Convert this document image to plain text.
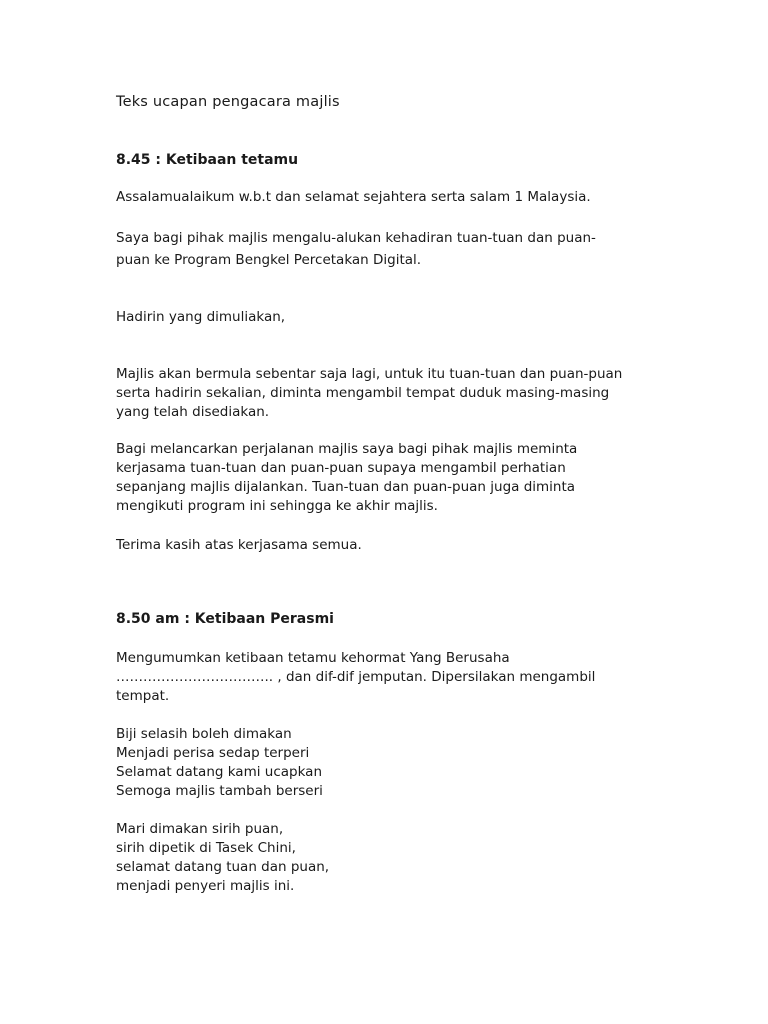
Teks ucapan pengacara majlis
8.45 : Ketibaan tetamu

Assalamualaikum w.b.t dan selamat sejahtera serta salam 1 Malaysia.

Saya bagi pihak majlis mengalu-alukan kehadiran tuan-tuan dan puan-
puan ke Program Bengkel Percetakan Digital.

Hadirin yang dimuliakan,

Majlis akan bermula sebentar saja lagi, untuk itu tuan-tuan dan puan-puan
serta hadirin sekalian, diminta mengambil tempat duduk masing-masing
yang telah disediakan.

Bagi melancarkan perjalanan majlis saya bagi pihak majlis meminta
kerjasama tuan-tuan dan puan-puan supaya mengambil perhatian
sepanjang majlis dijalankan. Tuan-tuan dan puan-puan juga diminta
mengikuti program ini sehingga ke akhir majlis.

Terima kasih atas kerjasama semua.

8.50 am : Ketibaan Perasmi

Mengumumkan ketibaan tetamu kehormat Yang Berusaha
…………………………….. , dan dif-dif jemputan. Dipersilakan mengambil
tempat.

Biji selasih boleh dimakan
Menjadi perisa sedap terperi
Selamat datang kami ucapkan
Semoga majlis tambah berseri

Mari dimakan sirih puan,
sirih dipetik di Tasek Chini,
selamat datang tuan dan puan,
menjadi penyeri majlis ini.
